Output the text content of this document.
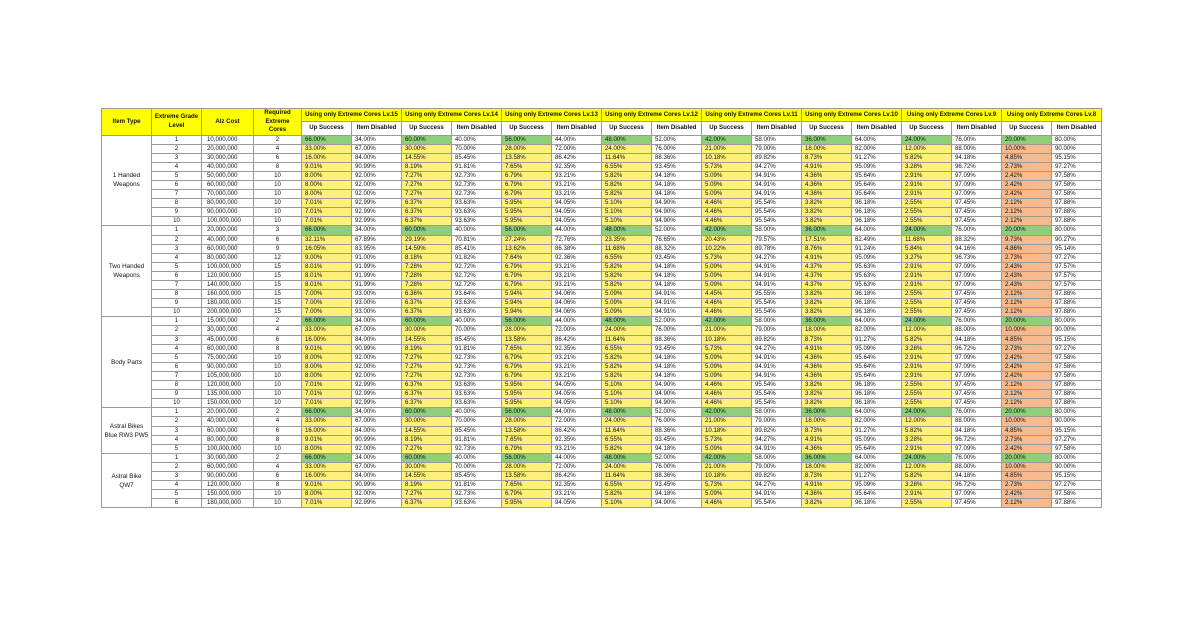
Item Type	Extreme Grade Level	Alz Cost	Required Extreme Cores	Using only Extreme Cores Lv.15		Using only Extreme Cores Lv.14		Using only Extreme Cores Lv.13		Using only Extreme Cores Lv.12		Using only Extreme Cores Lv.11		Using only Extreme Cores Lv.10		Using only Extreme Cores Lv.9		Using only Extreme Cores Lv.8	
				Up Success	Item Disabled	Up Success	Item Disabled	Up Success	Item Disabled	Up Success	Item Disabled	Up Success	Item Disabled	Up Success	Item Disabled	Up Success	Item Disabled	Up Success	Item Disabled
1 Handed Weapons	1	10,000,000	2	66.00%	34.00%	60.00%	40.00%	56.00%	44.00%	48.00%	52.00%	42.00%	58.00%	36.00%	64.00%	24.00%	76.00%	20.00%	80.00%
	2	20,000,000	4	33.00%	67.00%	30.00%	70.00%	28.00%	72.00%	24.00%	76.00%	21.00%	79.00%	18.00%	82.00%	12.00%	88.00%	10.00%	90.00%
	3	30,000,000	6	16.00%	84.00%	14.55%	85.45%	13.58%	86.42%	11.64%	88.36%	10.18%	89.82%	8.73%	91.27%	5.82%	94.18%	4.85%	95.15%
	4	40,000,000	8	9.01%	90.99%	8.19%	91.81%	7.65%	92.35%	6.55%	93.45%	5.73%	94.27%	4.91%	95.09%	3.28%	96.72%	2.73%	97.27%
	5	50,000,000	10	8.00%	92.00%	7.27%	92.73%	6.79%	93.21%	5.82%	94.18%	5.09%	94.91%	4.36%	95.64%	2.91%	97.09%	2.42%	97.58%
	6	60,000,000	10	8.00%	92.00%	7.27%	92.73%	6.79%	93.21%	5.82%	94.18%	5.09%	94.91%	4.36%	95.64%	2.91%	97.09%	2.42%	97.58%
	7	70,000,000	10	8.00%	92.00%	7.27%	92.73%	6.79%	93.21%	5.82%	94.18%	5.09%	94.91%	4.36%	95.64%	2.91%	97.09%	2.42%	97.58%
	8	80,000,000	10	7.01%	92.99%	6.37%	93.63%	5.95%	94.05%	5.10%	94.90%	4.46%	95.54%	3.82%	96.18%	2.55%	97.45%	2.12%	97.88%
	9	90,000,000	10	7.01%	92.99%	6.37%	93.63%	5.95%	94.05%	5.10%	94.90%	4.46%	95.54%	3.82%	96.18%	2.55%	97.45%	2.12%	97.88%
	10	100,000,000	10	7.01%	92.99%	6.37%	93.63%	5.95%	94.05%	5.10%	94.90%	4.46%	95.54%	3.82%	96.18%	2.55%	97.45%	2.12%	97.88%
Two Handed Weapons	1	20,000,000	3	66.00%	34.00%	60.00%	40.00%	56.00%	44.00%	48.00%	52.00%	42.00%	58.00%	36.00%	64.00%	24.00%	76.00%	20.00%	80.00%
	2	40,000,000	6	32.11%	67.89%	29.19%	70.81%	27.24%	72.76%	23.35%	76.65%	20.43%	79.57%	17.51%	82.49%	11.68%	88.32%	9.73%	90.27%
	3	60,000,000	9	16.05%	83.95%	14.59%	85.41%	13.62%	86.38%	11.68%	88.32%	10.22%	89.78%	8.76%	91.24%	5.84%	94.16%	4.86%	95.14%
	4	80,000,000	12	9.00%	91.00%	8.18%	91.82%	7.64%	92.36%	6.55%	93.45%	5.73%	94.27%	4.91%	95.09%	3.27%	96.73%	2.73%	97.27%
	5	100,000,000	15	8.01%	91.99%	7.28%	92.72%	6.79%	93.21%	5.82%	94.18%	5.09%	94.91%	4.37%	95.63%	2.91%	97.09%	2.43%	97.57%
	6	120,000,000	15	8.01%	91.99%	7.28%	92.72%	6.79%	93.21%	5.82%	94.18%	5.09%	94.91%	4.37%	95.63%	2.91%	97.09%	2.43%	97.57%
	7	140,000,000	15	8.01%	91.99%	7.28%	92.72%	6.79%	93.21%	5.82%	94.18%	5.09%	94.91%	4.37%	95.63%	2.91%	97.09%	2.43%	97.57%
	8	160,000,000	15	7.00%	93.00%	6.36%	93.64%	5.94%	94.06%	5.09%	94.91%	4.45%	95.55%	3.82%	96.18%	2.55%	97.45%	2.12%	97.88%
	9	180,000,000	15	7.00%	93.00%	6.37%	93.63%	5.94%	94.06%	5.09%	94.91%	4.46%	95.54%	3.82%	96.18%	2.55%	97.45%	2.12%	97.88%
	10	200,000,000	15	7.00%	93.00%	6.37%	93.63%	5.94%	94.06%	5.09%	94.91%	4.46%	95.54%	3.82%	96.18%	2.55%	97.45%	2.12%	97.88%
Body Parts	1	15,000,000	2	66.00%	34.00%	60.00%	40.00%	56.00%	44.00%	48.00%	52.00%	42.00%	58.00%	36.00%	64.00%	24.00%	76.00%	20.00%	80.00%
	2	30,000,000	4	33.00%	67.00%	30.00%	70.00%	28.00%	72.00%	24.00%	76.00%	21.00%	79.00%	18.00%	82.00%	12.00%	88.00%	10.00%	90.00%
	3	45,000,000	6	16.00%	84.00%	14.55%	85.45%	13.58%	86.42%	11.64%	88.36%	10.18%	89.82%	8.73%	91.27%	5.82%	94.18%	4.85%	95.15%
	4	60,000,000	8	9.01%	90.99%	8.19%	91.81%	7.65%	92.35%	6.55%	93.45%	5.73%	94.27%	4.91%	95.09%	3.28%	96.72%	2.73%	97.27%
	5	75,000,000	10	8.00%	92.00%	7.27%	92.73%	6.79%	93.21%	5.82%	94.18%	5.09%	94.91%	4.36%	95.64%	2.91%	97.09%	2.42%	97.58%
	6	90,000,000	10	8.00%	92.00%	7.27%	92.73%	6.79%	93.21%	5.82%	94.18%	5.09%	94.91%	4.36%	95.64%	2.91%	97.09%	2.42%	97.58%
	7	105,000,000	10	8.00%	92.00%	7.27%	92.73%	6.79%	93.21%	5.82%	94.18%	5.09%	94.91%	4.36%	95.64%	2.91%	97.09%	2.42%	97.58%
	8	120,000,000	10	7.01%	92.99%	6.37%	93.63%	5.95%	94.05%	5.10%	94.90%	4.46%	95.54%	3.82%	96.18%	2.55%	97.45%	2.12%	97.88%
	9	135,000,000	10	7.01%	92.99%	6.37%	93.63%	5.95%	94.05%	5.10%	94.90%	4.46%	95.54%	3.82%	96.18%	2.55%	97.45%	2.12%	97.88%
	10	150,000,000	10	7.01%	92.99%	6.37%	93.63%	5.95%	94.05%	5.10%	94.90%	4.46%	95.54%	3.82%	96.18%	2.55%	97.45%	2.12%	97.88%
Astral Bikes Blue RW3 PW5	1	20,000,000	2	66.00%	34.00%	60.00%	40.00%	56.00%	44.00%	48.00%	52.00%	42.00%	58.00%	36.00%	64.00%	24.00%	76.00%	20.00%	80.00%
	2	40,000,000	4	33.00%	67.00%	30.00%	70.00%	28.00%	72.00%	24.00%	76.00%	21.00%	79.00%	18.00%	82.00%	12.00%	88.00%	10.00%	90.00%
	3	60,000,000	6	16.00%	84.00%	14.55%	85.45%	13.58%	86.42%	11.64%	88.36%	10.18%	89.82%	8.73%	91.27%	5.82%	94.18%	4.85%	95.15%
	4	80,000,000	8	9.01%	90.99%	8.19%	91.81%	7.65%	92.35%	6.55%	93.45%	5.73%	94.27%	4.91%	95.09%	3.28%	96.72%	2.73%	97.27%
	5	100,000,000	10	8.00%	92.00%	7.27%	92.73%	6.79%	93.21%	5.82%	94.18%	5.09%	94.91%	4.36%	95.64%	2.91%	97.09%	2.42%	97.58%
Astral Bike QW7	1	30,000,000	2	66.00%	34.00%	60.00%	40.00%	56.00%	44.00%	48.00%	52.00%	42.00%	58.00%	36.00%	64.00%	24.00%	76.00%	20.00%	80.00%
	2	60,000,000	4	33.00%	67.00%	30.00%	70.00%	28.00%	72.00%	24.00%	76.00%	21.00%	79.00%	18.00%	82.00%	12.00%	88.00%	10.00%	90.00%
	3	90,000,000	6	16.00%	84.00%	14.55%	85.45%	13.58%	86.42%	11.64%	88.36%	10.18%	89.82%	8.73%	91.27%	5.82%	94.18%	4.85%	95.15%
	4	120,000,000	8	9.01%	90.99%	8.19%	91.81%	7.65%	92.35%	6.55%	93.45%	5.73%	94.27%	4.91%	95.09%	3.28%	96.72%	2.73%	97.27%
	5	150,000,000	10	8.00%	92.00%	7.27%	92.73%	6.79%	93.21%	5.82%	94.18%	5.09%	94.91%	4.36%	95.64%	2.91%	97.09%	2.42%	97.58%
	6	180,000,000	10	7.01%	92.99%	6.37%	93.63%	5.95%	94.05%	5.10%	94.90%	4.46%	95.54%	3.82%	96.18%	2.55%	97.45%	2.12%	97.88%
